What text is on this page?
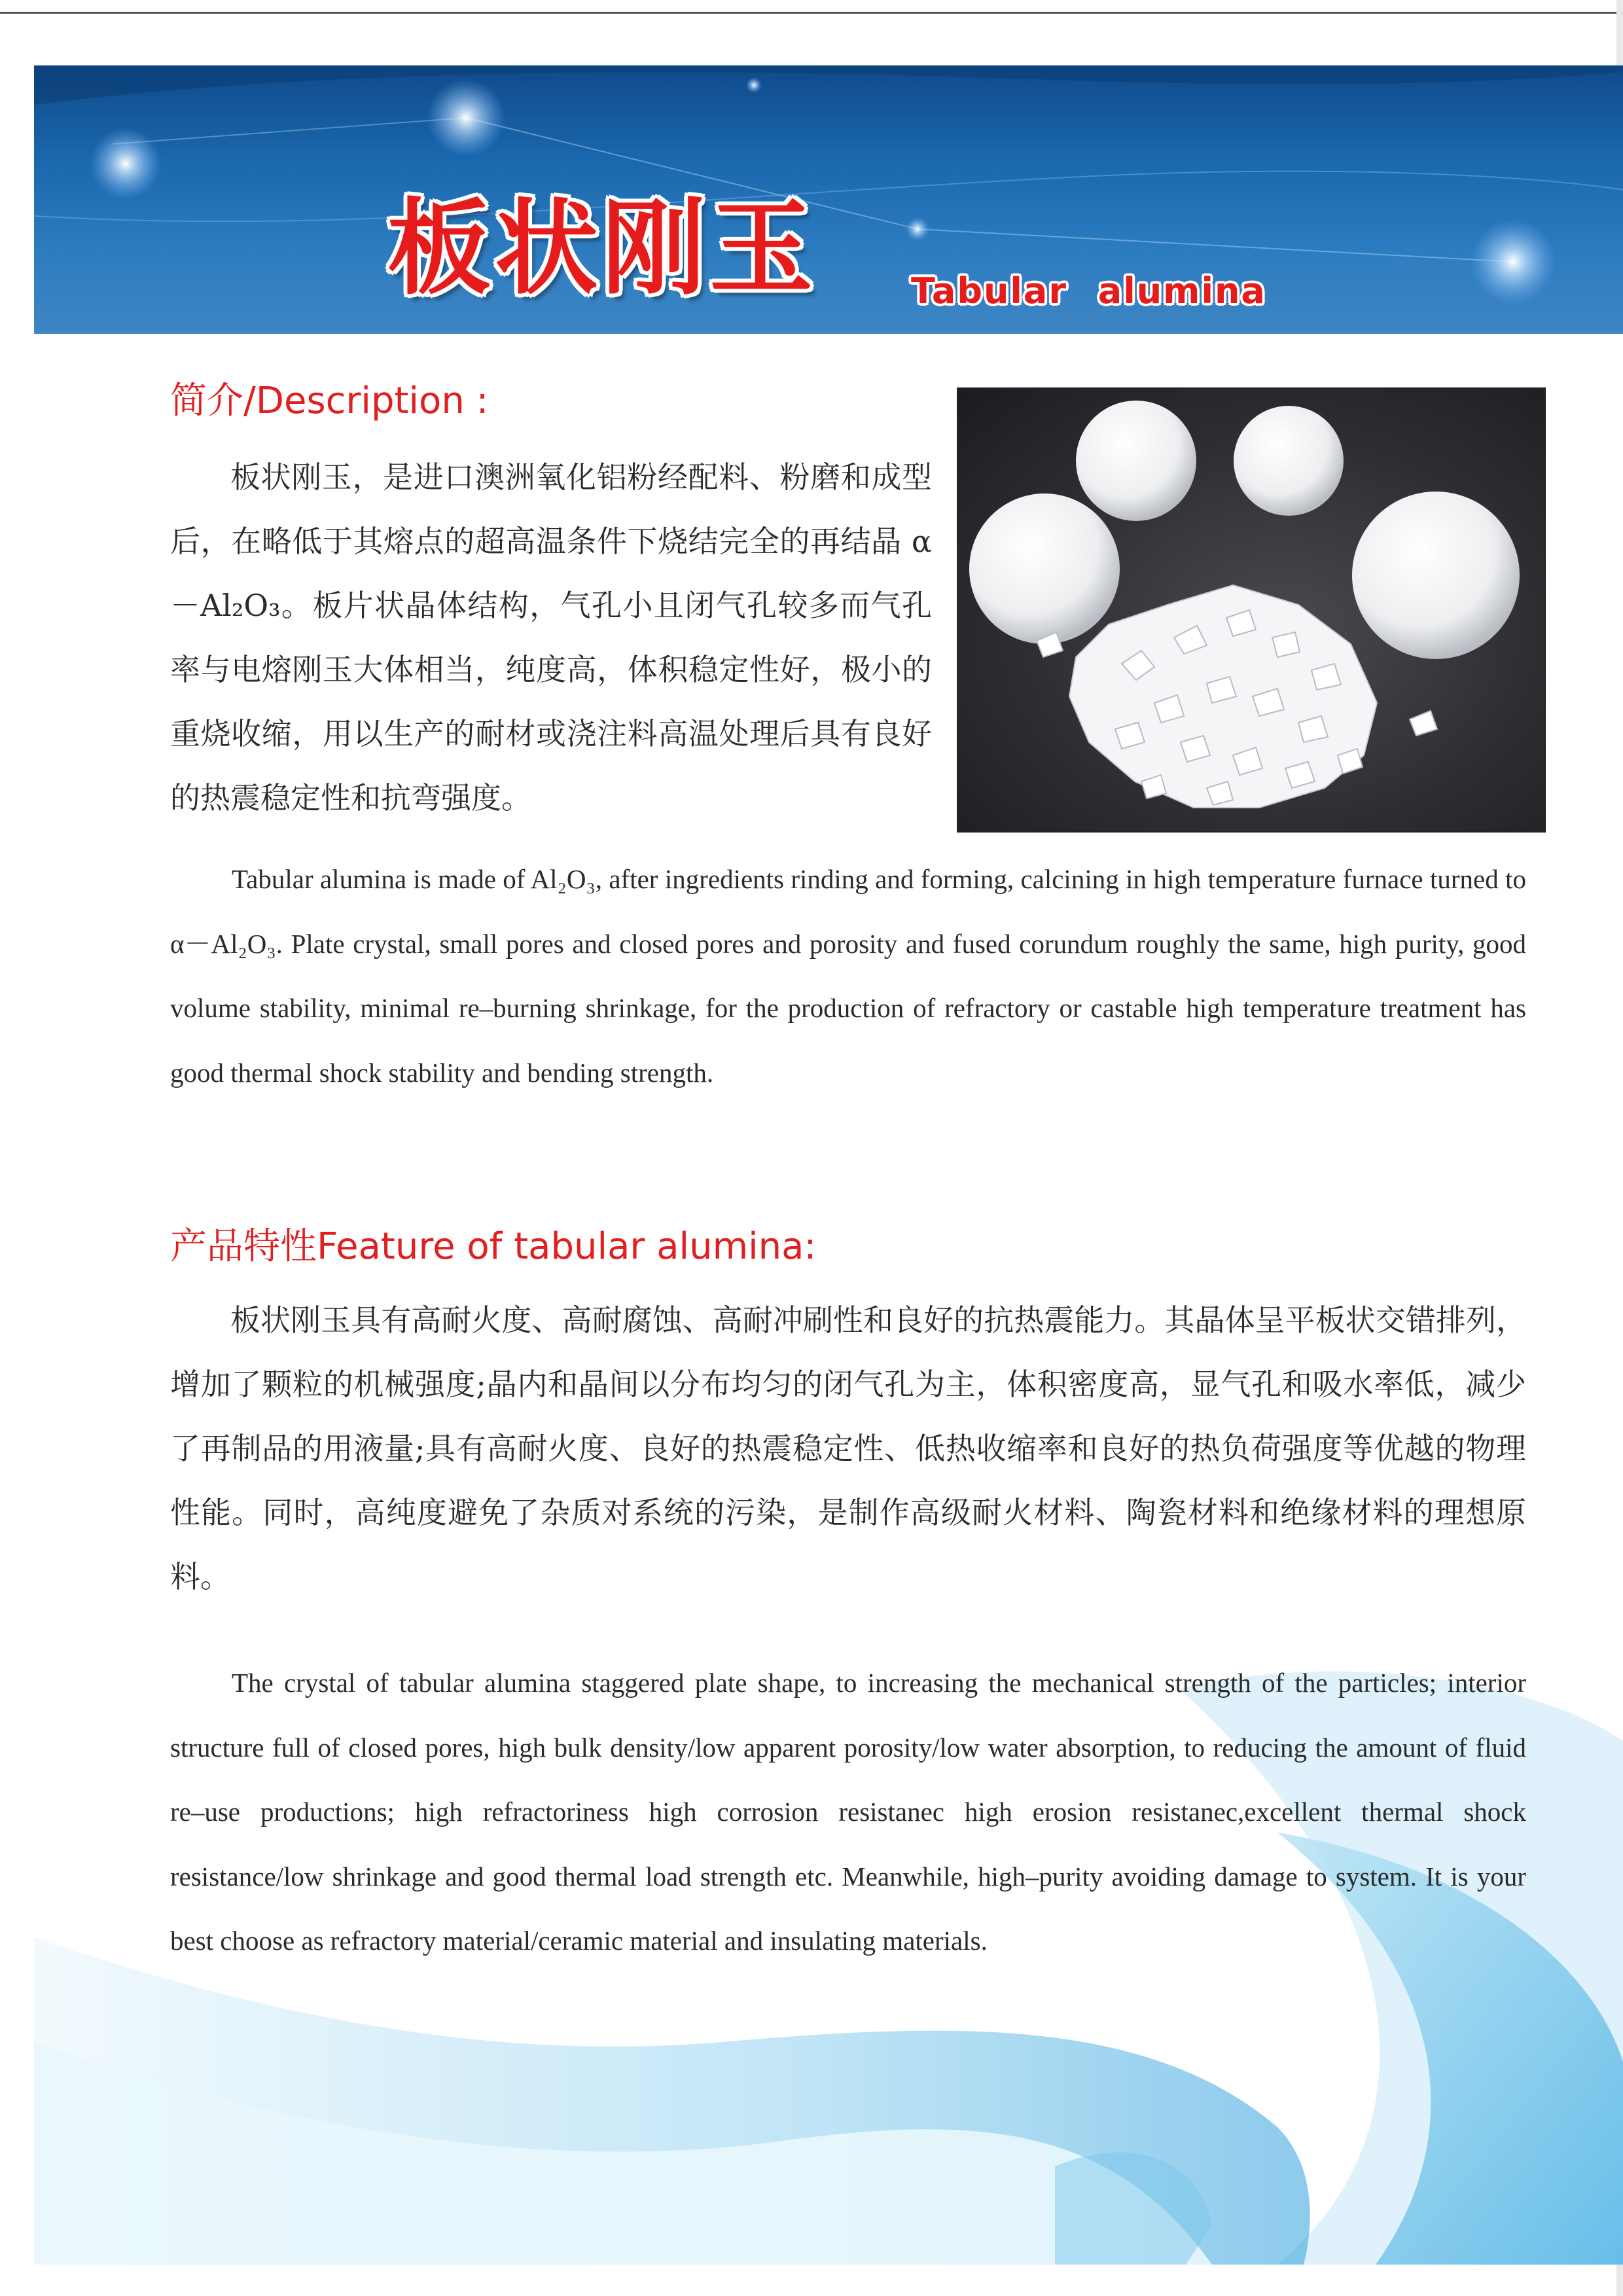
板状刚玉	Tabular alumina
简介/Description :

板状刚玉，是进口澳洲氧化铝粉经配料、粉磨和成型后，在略低于其熔点的超高温条件下烧结完全的再结晶 α－Al₂O₃。板片状晶体结构，气孔小且闭气孔较多而气孔率与电熔刚玉大体相当，纯度高，体积稳定性好，极小的重烧收缩，用以生产的耐材或浇注料高温处理后具有良好的热震稳定性和抗弯强度。

Tabular alumina is made of Al₂O₃, after ingredients rinding and forming, calcining in high temperature furnace turned to α－Al₂O₃. Plate crystal, small pores and closed pores and porosity and fused corundum roughly the same, high purity, good volume stability, minimal re–burning shrinkage, for the production of refractory or castable high temperature treatment has good thermal shock stability and bending strength.

产品特性Feature of tabular alumina:

板状刚玉具有高耐火度、高耐腐蚀、高耐冲刷性和良好的抗热震能力。其晶体呈平板状交错排列，增加了颗粒的机械强度;晶内和晶间以分布均匀的闭气孔为主，体积密度高，显气孔和吸水率低，减少了再制品的用液量;具有高耐火度、良好的热震稳定性、低热收缩率和良好的热负荷强度等优越的物理性能。同时，高纯度避免了杂质对系统的污染，是制作高级耐火材料、陶瓷材料和绝缘材料的理想原料。

The crystal of tabular alumina staggered plate shape, to increasing the mechanical strength of the particles; interior structure full of closed pores, high bulk density/low apparent porosity/low water absorption, to reducing the amount of fluid re–use productions; high refractoriness high corrosion resistanec high erosion resistanec,excellent thermal shock resistance/low shrinkage and good thermal load strength etc. Meanwhile, high–purity avoiding damage to system. It is your best choose as refractory material/ceramic material and insulating materials.
